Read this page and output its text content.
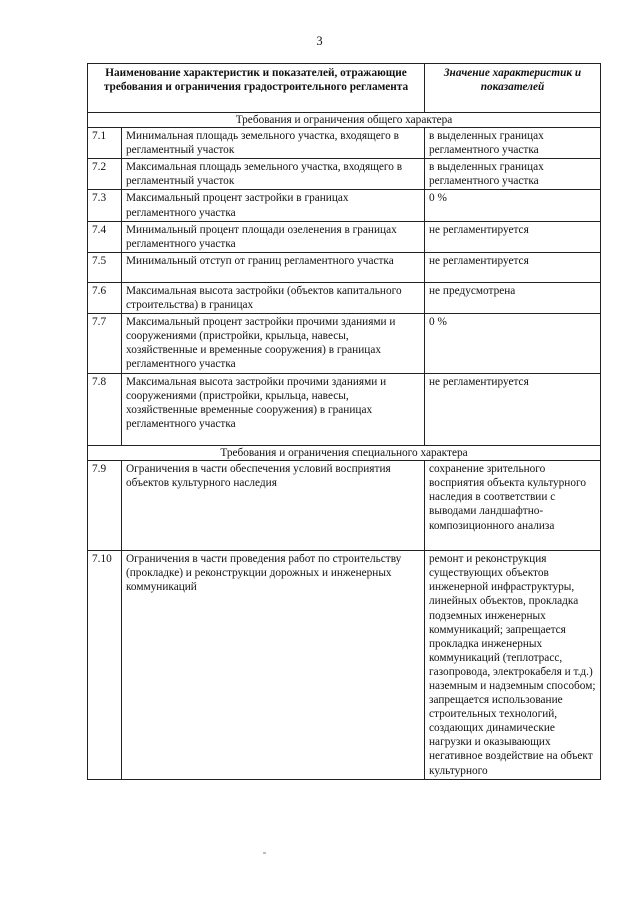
3
Наименование характеристик и показателей, отражающие требования и ограничения градостроительного регламента		Значение характеристик и показателей
Требования и ограничения общего характера		
7.1	Минимальная площадь земельного участка, входящего в регламентный участок	в выделенных границах регламентного участка
7.2	Максимальная площадь земельного участка, входящего в регламентный участок	в выделенных границах регламентного участка
7.3	Максимальный процент застройки в границах регламентного участка	0 %
7.4	Минимальный процент площади озеленения в границах регламентного участка	не регламентируется
7.5	Минимальный отступ от границ регламентного участка	не регламентируется
7.6	Максимальная высота застройки (объектов капитального строительства) в границах	не предусмотрена
7.7	Максимальный процент застройки прочими зданиями и сооружениями (пристройки, крыльца, навесы, хозяйственные и временные сооружения) в границах регламентного участка	0 %
7.8	Максимальная высота застройки прочими зданиями и сооружениями (пристройки, крыльца, навесы, хозяйственные временные сооружения) в границах регламентного участка	не регламентируется
Требования и ограничения специального характера		
7.9	Ограничения в части обеспечения условий восприятия объектов культурного наследия	сохранение зрительного восприятия объекта культурного наследия в соответствии с выводами ландшафтно-композиционного анализа
7.10	Ограничения в части проведения работ по строительству (прокладке) и реконструкции дорожных и инженерных коммуникаций	ремонт и реконструкция существующих объектов инженерной инфраструктуры, линейных объектов, прокладка подземных инженерных коммуникаций; запрещается прокладка инженерных коммуникаций (теплотрасс, газопровода, электрокабеля и т.д.) наземным и надземным способом; запрещается использование строительных технологий, создающих динамические нагрузки и оказывающих негативное воздействие на объект культурного
